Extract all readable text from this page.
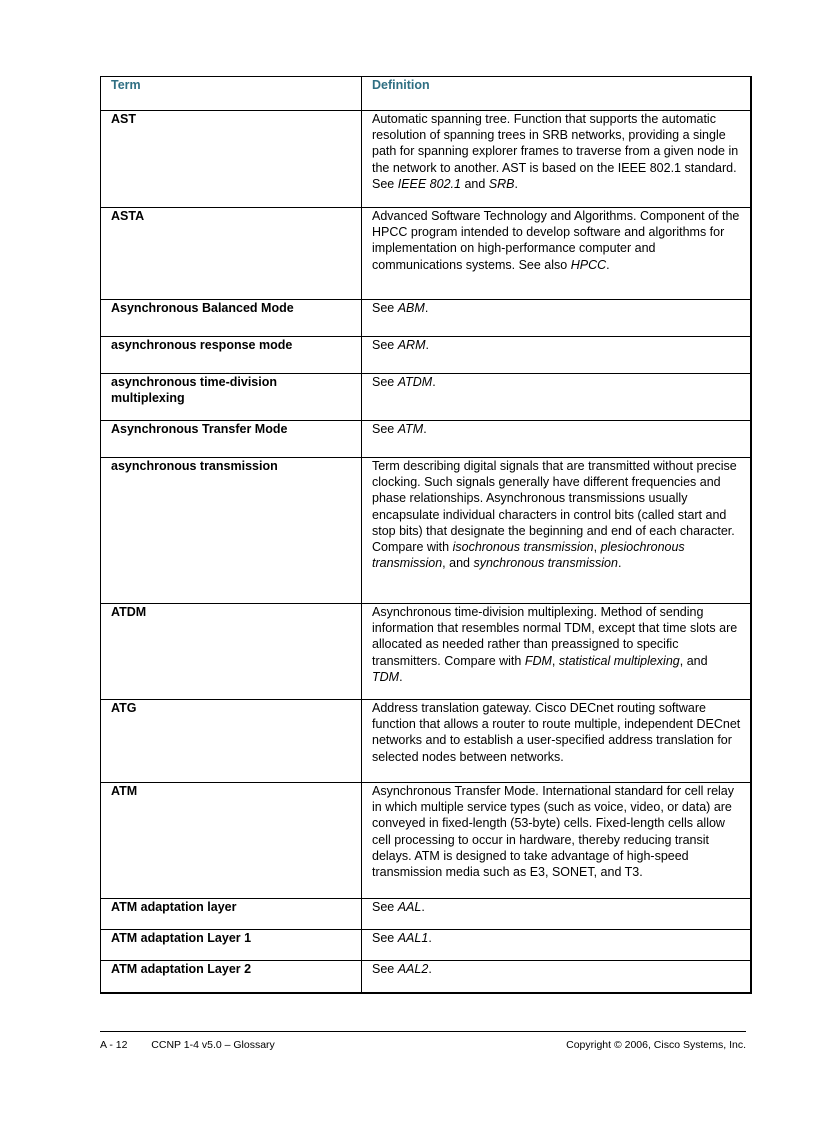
Term	Definition
AST	Automatic spanning tree. Function that supports the automatic resolution of spanning trees in SRB networks, providing a single path for spanning explorer frames to traverse from a given node in the network to another. AST is based on the IEEE 802.1 standard. See IEEE 802.1 and SRB.
ASTA	Advanced Software Technology and Algorithms. Component of the HPCC program intended to develop software and algorithms for implementation on high-performance computer and communications systems. See also HPCC.
Asynchronous Balanced Mode	See ABM.
asynchronous response mode	See ARM.
asynchronous time-division multiplexing	See ATDM.
Asynchronous Transfer Mode	See ATM.
asynchronous transmission	Term describing digital signals that are transmitted without precise clocking. Such signals generally have different frequencies and phase relationships. Asynchronous transmissions usually encapsulate individual characters in control bits (called start and stop bits) that designate the beginning and end of each character. Compare with isochronous transmission, plesiochronous transmission, and synchronous transmission.
ATDM	Asynchronous time-division multiplexing. Method of sending information that resembles normal TDM, except that time slots are allocated as needed rather than preassigned to specific transmitters. Compare with FDM, statistical multiplexing, and TDM.
ATG	Address translation gateway. Cisco DECnet routing software function that allows a router to route multiple, independent DECnet networks and to establish a user-specified address translation for selected nodes between networks.
ATM	Asynchronous Transfer Mode. International standard for cell relay in which multiple service types (such as voice, video, or data) are conveyed in fixed-length (53-byte) cells. Fixed-length cells allow cell processing to occur in hardware, thereby reducing transit delays. ATM is designed to take advantage of high-speed transmission media such as E3, SONET, and T3.
ATM adaptation layer	See AAL.
ATM adaptation Layer 1	See AAL1.
ATM adaptation Layer 2	See AAL2.
A - 12 CCNP 1-4 v5.0 – Glossary	Copyright © 2006, Cisco Systems, Inc.
